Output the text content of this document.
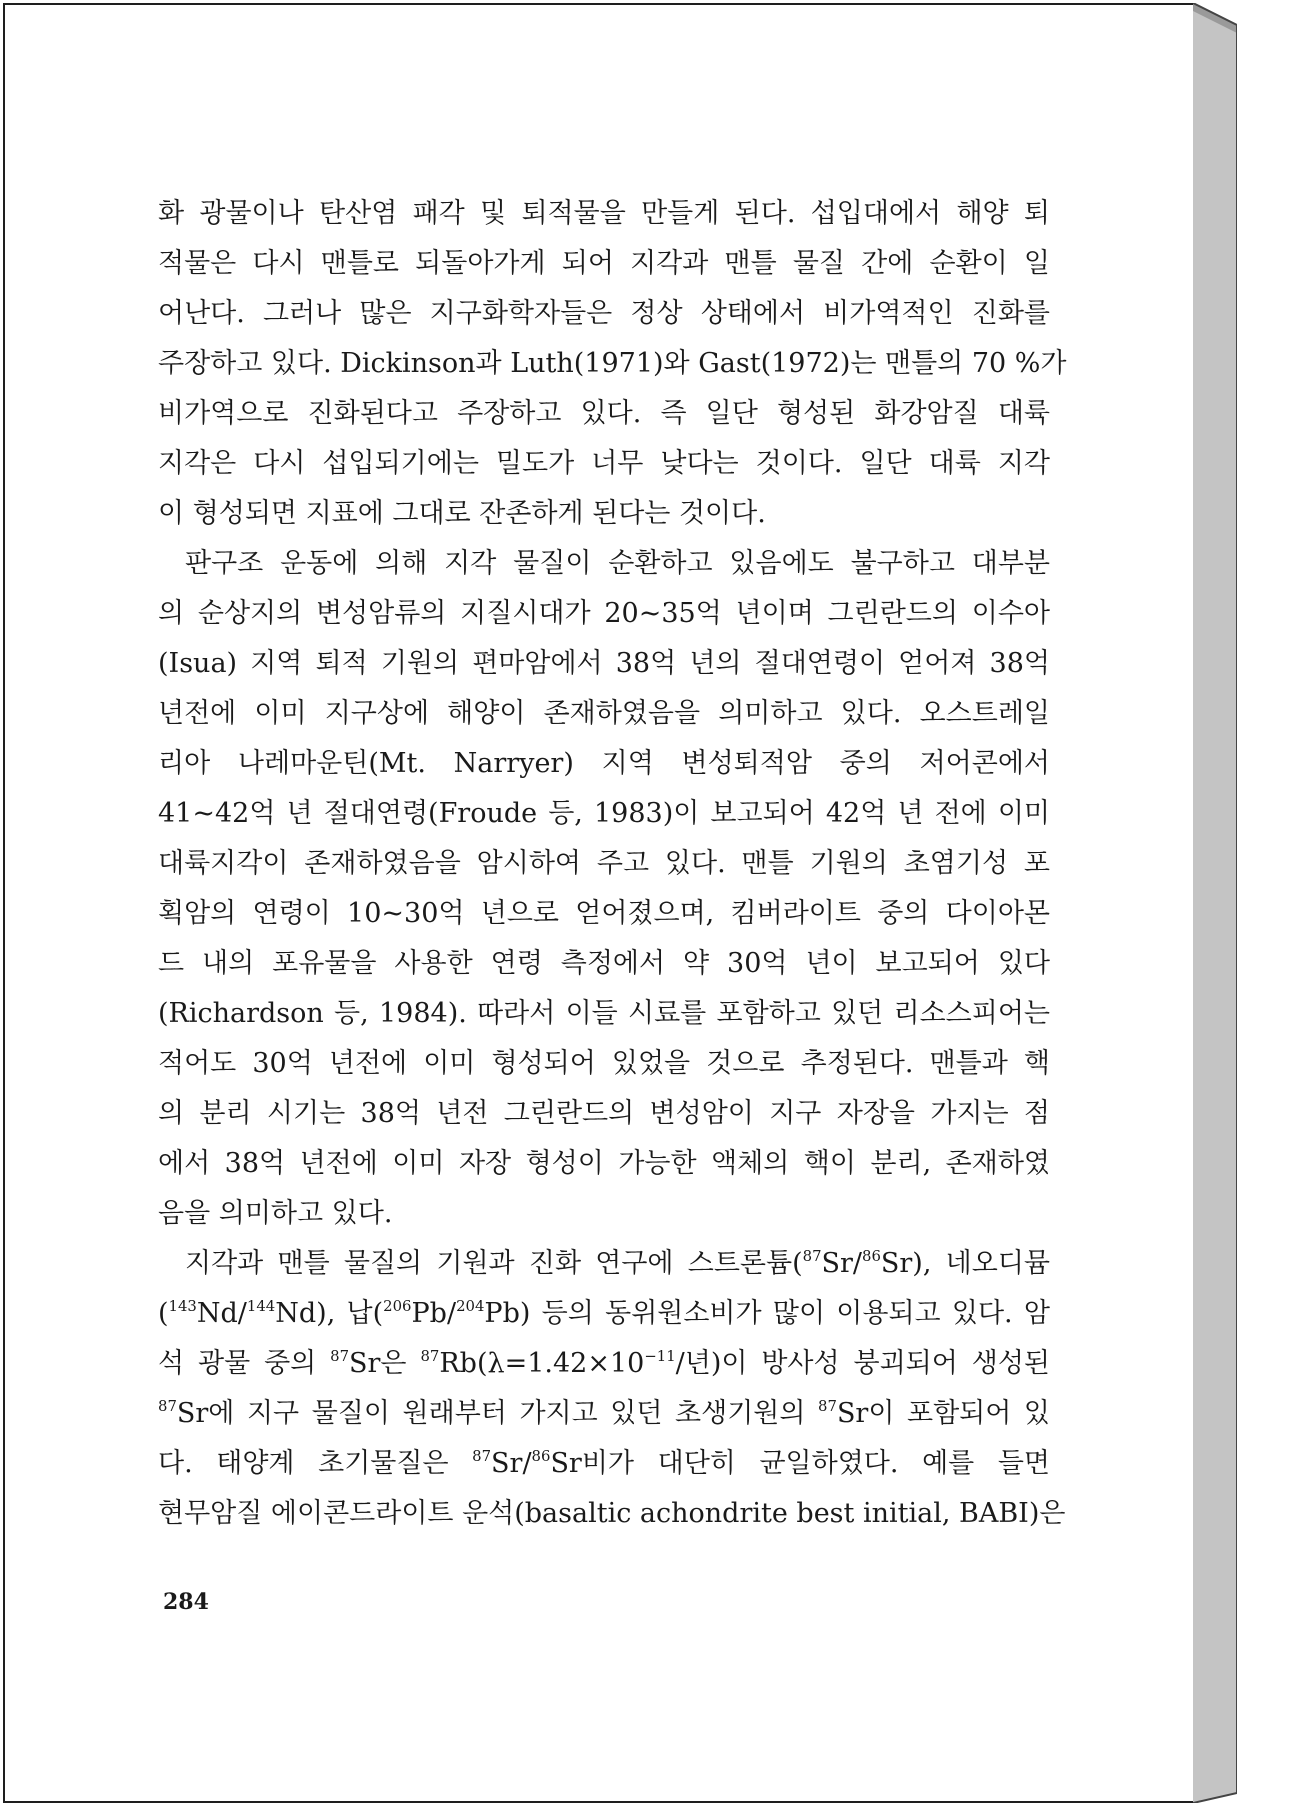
화 광물이나 탄산염 패각 및 퇴적물을 만들게 된다. 섭입대에서 해양 퇴
적물은 다시 맨틀로 되돌아가게 되어 지각과 맨틀 물질 간에 순환이 일
어난다. 그러나 많은 지구화학자들은 정상 상태에서 비가역적인 진화를
주장하고 있다. Dickinson과 Luth(1971)와 Gast(1972)는 맨틀의 70 %가
비가역으로 진화된다고 주장하고 있다. 즉 일단 형성된 화강암질 대륙
지각은 다시 섭입되기에는 밀도가 너무 낮다는 것이다. 일단 대륙 지각
이 형성되면 지표에 그대로 잔존하게 된다는 것이다.
판구조 운동에 의해 지각 물질이 순환하고 있음에도 불구하고 대부분
의 순상지의 변성암류의 지질시대가 20~35억 년이며 그린란드의 이수아
(Isua) 지역 퇴적 기원의 편마암에서 38억 년의 절대연령이 얻어져 38억
년전에 이미 지구상에 해양이 존재하였음을 의미하고 있다. 오스트레일
리아 나레마운틴(Mt. Narryer) 지역 변성퇴적암 중의 저어콘에서
41~42억 년 절대연령(Froude 등, 1983)이 보고되어 42억 년 전에 이미
대륙지각이 존재하였음을 암시하여 주고 있다. 맨틀 기원의 초염기성 포
획암의 연령이 10~30억 년으로 얻어졌으며, 킴버라이트 중의 다이아몬
드 내의 포유물을 사용한 연령 측정에서 약 30억 년이 보고되어 있다
(Richardson 등, 1984). 따라서 이들 시료를 포함하고 있던 리소스피어는
적어도 30억 년전에 이미 형성되어 있었을 것으로 추정된다. 맨틀과 핵
의 분리 시기는 38억 년전 그린란드의 변성암이 지구 자장을 가지는 점
에서 38억 년전에 이미 자장 형성이 가능한 액체의 핵이 분리, 존재하였
음을 의미하고 있다.
지각과 맨틀 물질의 기원과 진화 연구에 스트론튬($^{87}$Sr/$^{86}$Sr), 네오디뮴
($^{143}$Nd/$^{144}$Nd), 납($^{206}$Pb/$^{204}$Pb) 등의 동위원소비가 많이 이용되고 있다. 암
석 광물 중의 $^{87}$Sr은 $^{87}Rb(\lambda=1.42\times 10^{-11}/$년)이 방사성 붕괴되어 생성된
$^{87}$Sr에 지구 물질이 원래부터 가지고 있던 초생기원의 $^{87}$Sr이 포함되어 있
다. 태양계 초기물질은 $^{87}$Sr/$^{86}$Sr비가 대단히 균일하였다. 예를 들면
현무암질 에이콘드라이트 운석(basaltic achondrite best initial, BABI)은
284
